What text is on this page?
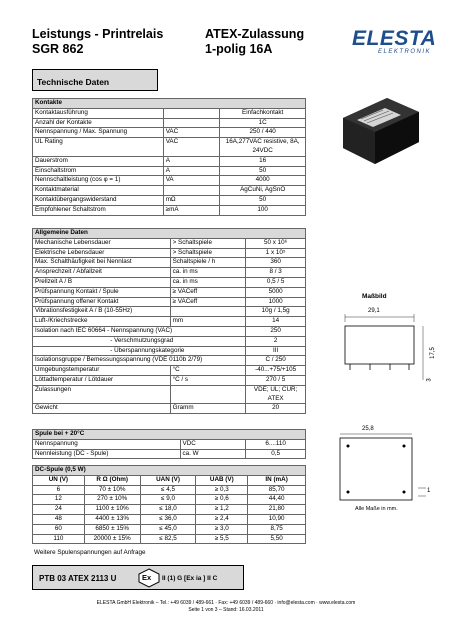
Leistungs - Printrelais
SGR 862
ATEX-Zulassung
1-polig 16A	ELESTA
ELEKTRONIK
Technische Daten
Kontakte		
Kontaktausführung		Einfachkontakt
Anzahl der Kontakte		1C
Nennspannung / Max. Spannung	VAC	250 / 440
UL Rating	VAC	16A,277VAC resistive, 8A, 24VDC
Dauerstrom	A	16
Einschaltstrom	A	50
Nennschaltleistung (cos φ = 1)	VA	4000
Kontaktmaterial		AgCuNi, AgSnO
Kontaktübergangswiderstand	mΩ	50
Empfohlener Schaltstrom	≥mA	100
Allgemeine Daten		
Mechanische Lebensdauer	> Schaltspiele	50 x 10⁶
Elektrische Lebensdauer	> Schaltspiele	1 x 10⁵
Max. Schalthäufigkeit bei Nennlast	Schaltspiele / h	360
Ansprechzeit / Abfallzeit	ca. in ms	8 / 3
Prellzeit A / B	ca. in ms	0,5 / 5
Prüfspannung Kontakt / Spule	≥ VACeff	5000
Prüfspannung offener Kontakt	≥ VACeff	1000
Vibrationsfestigkeit A / B (10-55Hz)		10g / 1,5g
Luft-/Kriechstrecke	mm	14
Isolation nach IEC 60664 - Nennspannung (VAC)		250
- Verschmutzungsgrad		2
- Überspannungskategorie		III
Isolationsgruppe / Bemessungsspannung (VDE 0110b 2/79)		C / 250
Umgebungstemperatur	°C	-40...+75/+105
Löttadtemperatur / Lötdauer	°C / s	270 / 5
Zulassungen		VDE; UL; CUR; ATEX
Gewicht	Gramm	20
Spule bei + 20°C		
Nennspannung	VDC	6....110
Nennleistung (DC - Spule)	ca. W	0,5
DC-Spule (0,5 W)				
UN (V)	R Ω (Ohm)	UAN (V)	UAB (V)	IN (mA)
6	70 ± 10%	≤ 4,5	≥ 0,3	85,70
12	270 ± 10%	≤ 9,0	≥ 0,6	44,40
24	1100 ± 10%	≤ 18,0	≥ 1,2	21,80
48	4400 ± 13%	≤ 36,0	≥ 2,4	10,90
60	6850 ± 15%	≤ 45,0	≥ 3,0	8,75
110	20000 ± 15%	≤ 82,5	≥ 5,5	5,50
Weitere Spulenspannungen auf Anfrage
PTB 03 ATEX 2113 U	Ex II (1) G [Ex ia ] II C
Maßbild
29,1
17,5
3
25,8
1
Alle Maße in mm.
ELESTA GmbH Elektronik – Tel.: +49 6039 / 489-661 · Fax: +49 6039 / 489-660 · info@elesta.com · www.elesta.com
Seite 1 von 3 – Stand: 16.03.2011
